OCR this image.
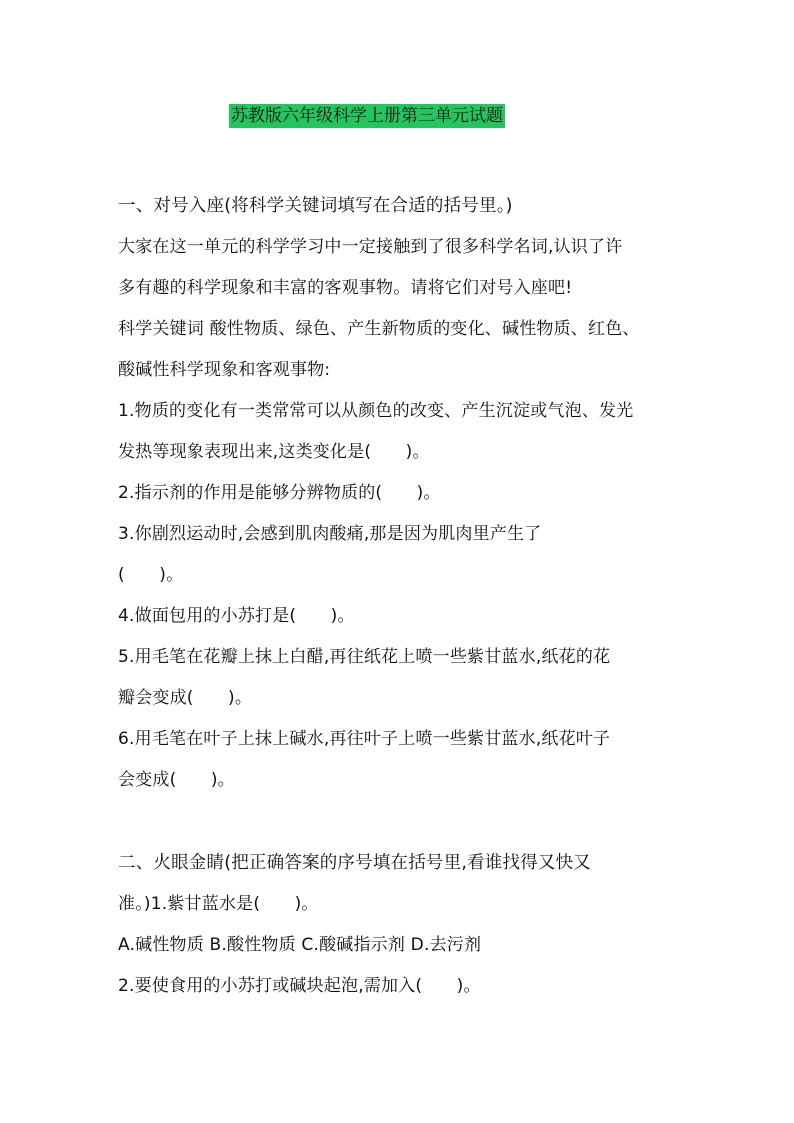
苏教版六年级科学上册第三单元试题
一、对号入座(将科学关键词填写在合适的括号里。)
大家在这一单元的科学学习中一定接触到了很多科学名词,认识了许
多有趣的科学现象和丰富的客观事物。请将它们对号入座吧!
科学关键词 酸性物质、绿色、产生新物质的变化、碱性物质、红色、
酸碱性科学现象和客观事物:
1.物质的变化有一类常常可以从颜色的改变、产生沉淀或气泡、发光
发热等现象表现出来,这类变化是(　　)。
2.指示剂的作用是能够分辨物质的(　　)。
3.你剧烈运动时,会感到肌肉酸痛,那是因为肌肉里产生了
(　　)。
4.做面包用的小苏打是(　　)。
5.用毛笔在花瓣上抹上白醋,再往纸花上喷一些紫甘蓝水,纸花的花
瓣会变成(　　)。
6.用毛笔在叶子上抹上碱水,再往叶子上喷一些紫甘蓝水,纸花叶子
会变成(　　)。
二、火眼金睛(把正确答案的序号填在括号里,看谁找得又快又
准。)1.紫甘蓝水是(　　)。
A.碱性物质 B.酸性物质 C.酸碱指示剂 D.去污剂
2.要使食用的小苏打或碱块起泡,需加入(　　)。
